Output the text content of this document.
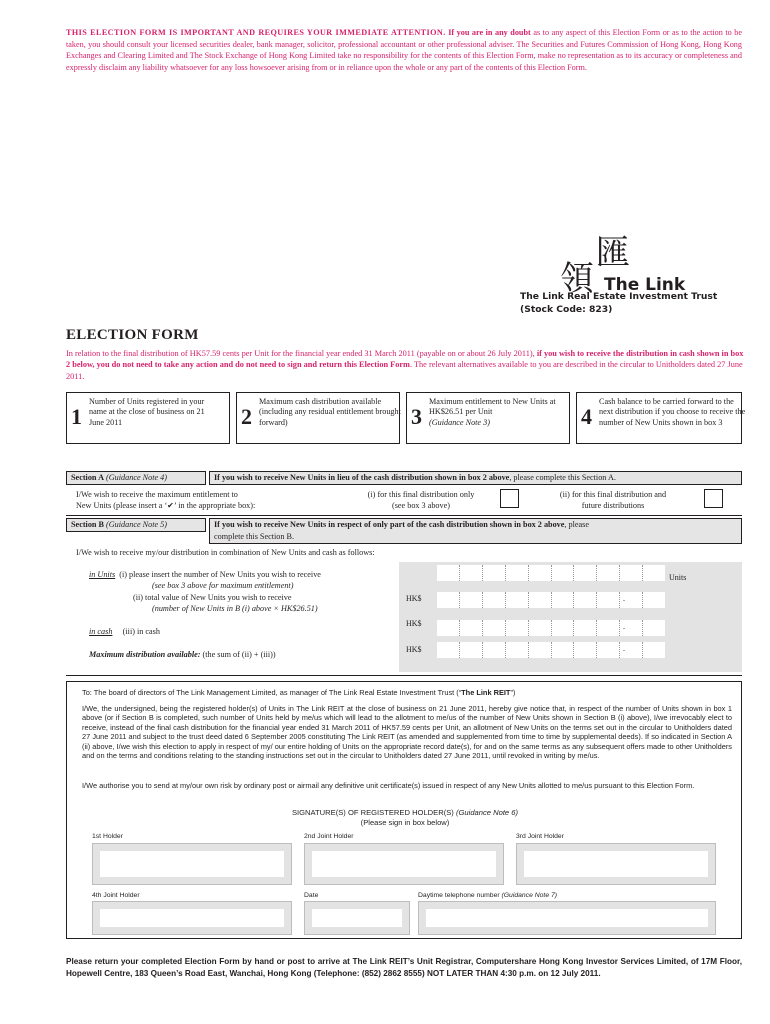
THIS ELECTION FORM IS IMPORTANT AND REQUIRES YOUR IMMEDIATE ATTENTION. If you are in any doubt as to any aspect of this Election Form or as to the action to be taken, you should consult your licensed securities dealer, bank manager, solicitor, professional accountant or other professional adviser. The Securities and Futures Commission of Hong Kong, Hong Kong Exchanges and Clearing Limited and The Stock Exchange of Hong Kong Limited take no responsibility for the contents of this Election Form, make no representation as to its accuracy or completeness and expressly disclaim any liability whatsoever for any loss howsoever arising from or in reliance upon the whole or any part of the contents of this Election Form.
匯
領 The Link
The Link Real Estate Investment Trust
(Stock Code: 823)
ELECTION FORM
In relation to the final distribution of HK57.59 cents per Unit for the financial year ended 31 March 2011 (payable on or about 26 July 2011), if you wish to receive the distribution in cash shown in box 2 below, you do not need to take any action and do not need to sign and return this Election Form. The relevant alternatives available to you are described in the circular to Unitholders dated 27 June 2011.
1
Number of Units registered in your name at the close of business on 21 June 2011	2
Maximum cash distribution available (including any residual entitlement brought forward)	3
Maximum entitlement to New Units at HK$26.51 per Unit
(Guidance Note 3)	4
Cash balance to be carried forward to the next distribution if you choose to receive the number of New Units shown in box 3
Section A (Guidance Note 4)	If you wish to receive New Units in lieu of the cash distribution shown in box 2 above, please complete this Section A.
I/We wish to receive the maximum entitlement to
New Units (please insert a ‘✔’ in the appropriate box):
(i) for this final distribution only
(see box 3 above)
(ii) for this final distribution and
future distributions
Section B (Guidance Note 5)	If you wish to receive New Units in respect of only part of the cash distribution shown in box 2 above, please
complete this Section B.
I/We wish to receive my/our distribution in combination of New Units and cash as follows:
in Units (i) please insert the number of New Units you wish to receive
(see box 3 above for maximum entitlement)
(ii) total value of New Units you wish to receive
(number of New Units in B (i) above × HK$26.51)
in cash (iii) in cash
Maximum distribution available: (the sum of (ii) + (iii))
Units
HK$	.
HK$	.
HK$	.
To: The board of directors of The Link Management Limited, as manager of The Link Real Estate Investment Trust (“The Link REIT”)
I/We, the undersigned, being the registered holder(s) of Units in The Link REIT at the close of business on 21 June 2011, hereby give notice that, in respect of the number of Units shown in box 1 above (or if Section B is completed, such number of Units held by me/us which will lead to the allotment to me/us of the number of New Units shown in Section B (i) above), I/we irrevocably elect to receive, instead of the final cash distribution for the financial year ended 31 March 2011 of HK57.59 cents per Unit, an allotment of New Units on the terms set out in the circular to Unitholders dated 27 June 2011 and subject to the trust deed dated 6 September 2005 constituting The Link REIT (as amended and supplemented from time to time by supplemental deeds). If so indicated in Section A (ii) above, I/we wish this election to apply in respect of my/ our entire holding of Units on the appropriate record date(s), for and on the same terms as any subsequent offers made to other Unitholders and on the terms and conditions relating to the standing instructions set out in the circular to Unitholders dated 27 June 2011, until revoked in writing by me/us.
I/We authorise you to send at my/our own risk by ordinary post or airmail any definitive unit certificate(s) issued in respect of any New Units allotted to me/us pursuant to this Election Form.
SIGNATURE(S) OF REGISTERED HOLDER(S) (Guidance Note 6)
(Please sign in box below)
1st Holder	2nd Joint Holder	3rd Joint Holder
4th Joint Holder	Date	Daytime telephone number (Guidance Note 7)
Please return your completed Election Form by hand or post to arrive at The Link REIT’s Unit Registrar, Computershare Hong Kong Investor Services Limited, of 17M Floor, Hopewell Centre, 183 Queen’s Road East, Wanchai, Hong Kong (Telephone: (852) 2862 8555) NOT LATER THAN 4:30 p.m. on 12 July 2011.
